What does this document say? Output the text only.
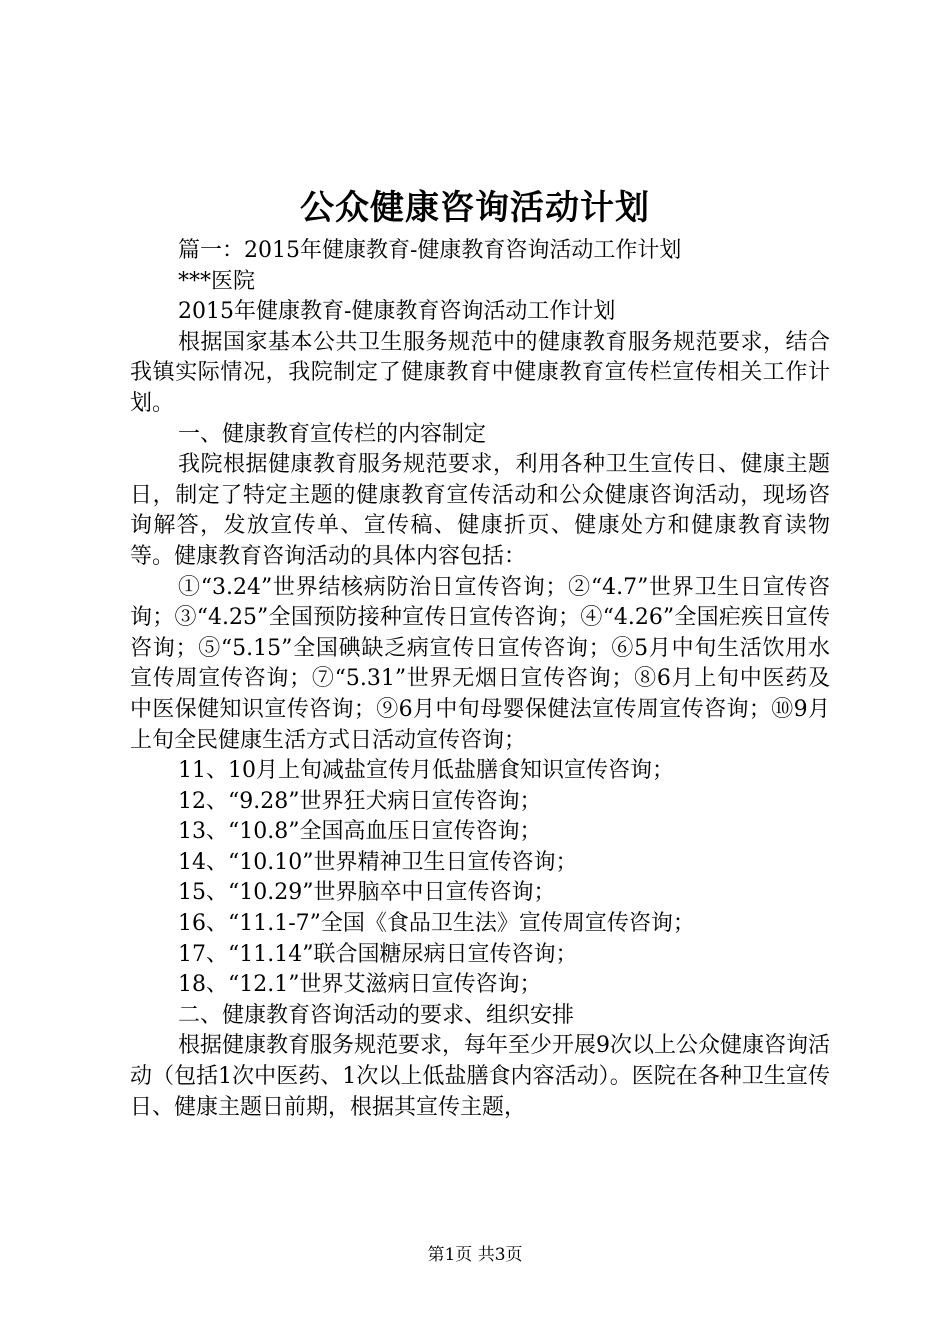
公众健康咨询活动计划

篇一：2015年健康教育-健康教育咨询活动工作计划

***医院

2015年健康教育-健康教育咨询活动工作计划

根据国家基本公共卫生服务规范中的健康教育服务规范要求，结合我镇实际情况，我院制定了健康教育中健康教育宣传栏宣传相关工作计划。

一、健康教育宣传栏的内容制定

我院根据健康教育服务规范要求，利用各种卫生宣传日、健康主题日，制定了特定主题的健康教育宣传活动和公众健康咨询活动，现场咨询解答，发放宣传单、宣传稿、健康折页、健康处方和健康教育读物等。健康教育咨询活动的具体内容包括：

①“3.24”世界结核病防治日宣传咨询；②“4.7”世界卫生日宣传咨询；③“4.25”全国预防接种宣传日宣传咨询；④“4.26”全国疟疾日宣传咨询；⑤“5.15”全国碘缺乏病宣传日宣传咨询；⑥5月中旬生活饮用水宣传周宣传咨询；⑦“5.31”世界无烟日宣传咨询；⑧6月上旬中医药及中医保健知识宣传咨询；⑨6月中旬母婴保健法宣传周宣传咨询；⑩9月上旬全民健康生活方式日活动宣传咨询；

11、10月上旬减盐宣传月低盐膳食知识宣传咨询；

12、“9.28”世界狂犬病日宣传咨询；

13、“10.8”全国高血压日宣传咨询；

14、“10.10”世界精神卫生日宣传咨询；

15、“10.29”世界脑卒中日宣传咨询；

16、“11.1-7”全国《食品卫生法》宣传周宣传咨询；

17、“11.14”联合国糖尿病日宣传咨询；

18、“12.1”世界艾滋病日宣传咨询；

二、健康教育咨询活动的要求、组织安排

根据健康教育服务规范要求，每年至少开展9次以上公众健康咨询活动（包括1次中医药、1次以上低盐膳食内容活动）。医院在各种卫生宣传日、健康主题日前期，根据其宣传主题，

第1页 共3页
